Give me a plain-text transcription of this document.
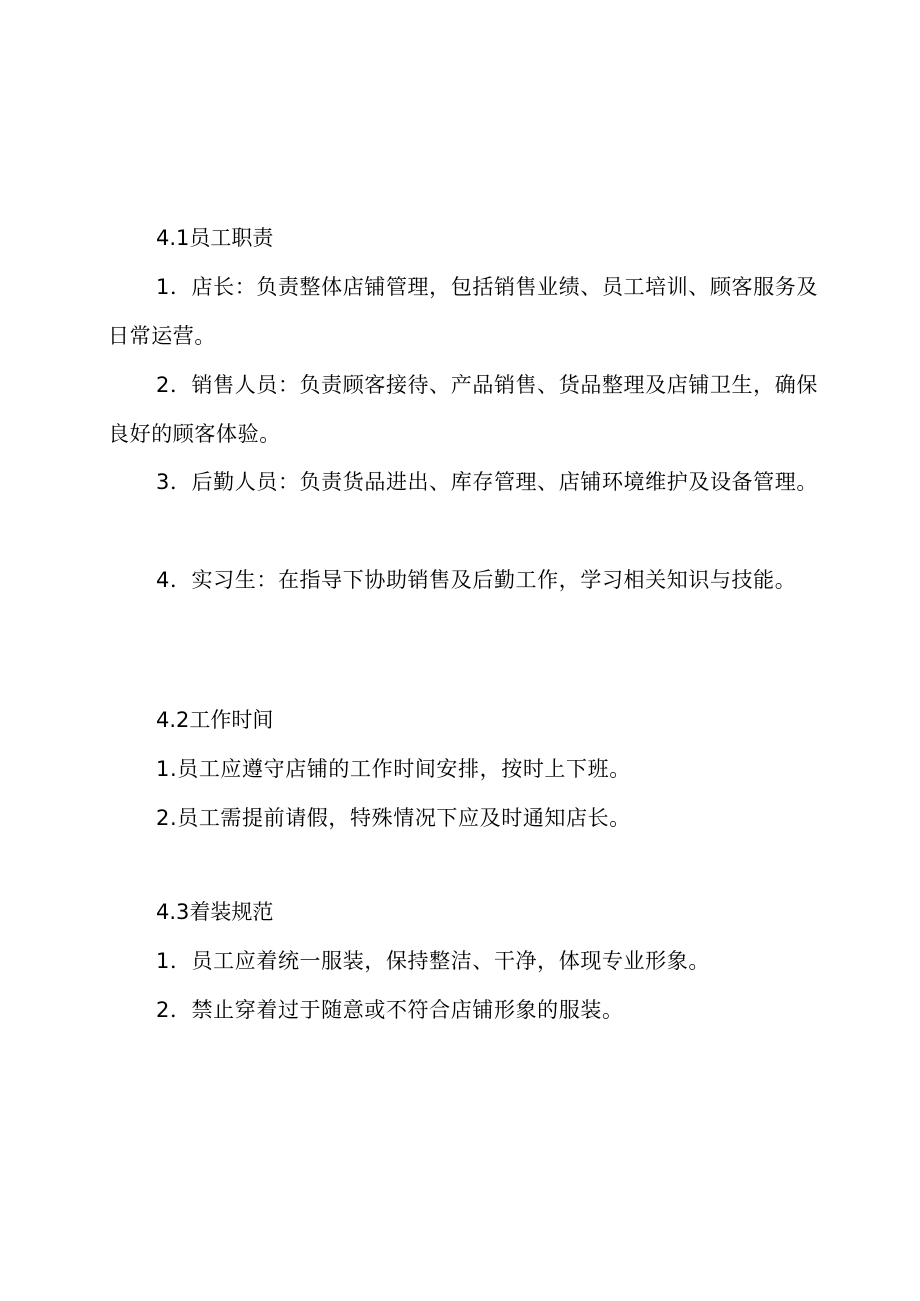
4.1员工职责
1．店长：负责整体店铺管理，包括销售业绩、员工培训、顾客服务及日常运营。
2．销售人员：负责顾客接待、产品销售、货品整理及店铺卫生，确保良好的顾客体验。
3．后勤人员：负责货品进出、库存管理、店铺环境维护及设备管理。
4．实习生：在指导下协助销售及后勤工作，学习相关知识与技能。
4.2工作时间
1.员工应遵守店铺的工作时间安排，按时上下班。
2.员工需提前请假，特殊情况下应及时通知店长。
4.3着装规范
1．员工应着统一服装，保持整洁、干净，体现专业形象。
2．禁止穿着过于随意或不符合店铺形象的服装。
